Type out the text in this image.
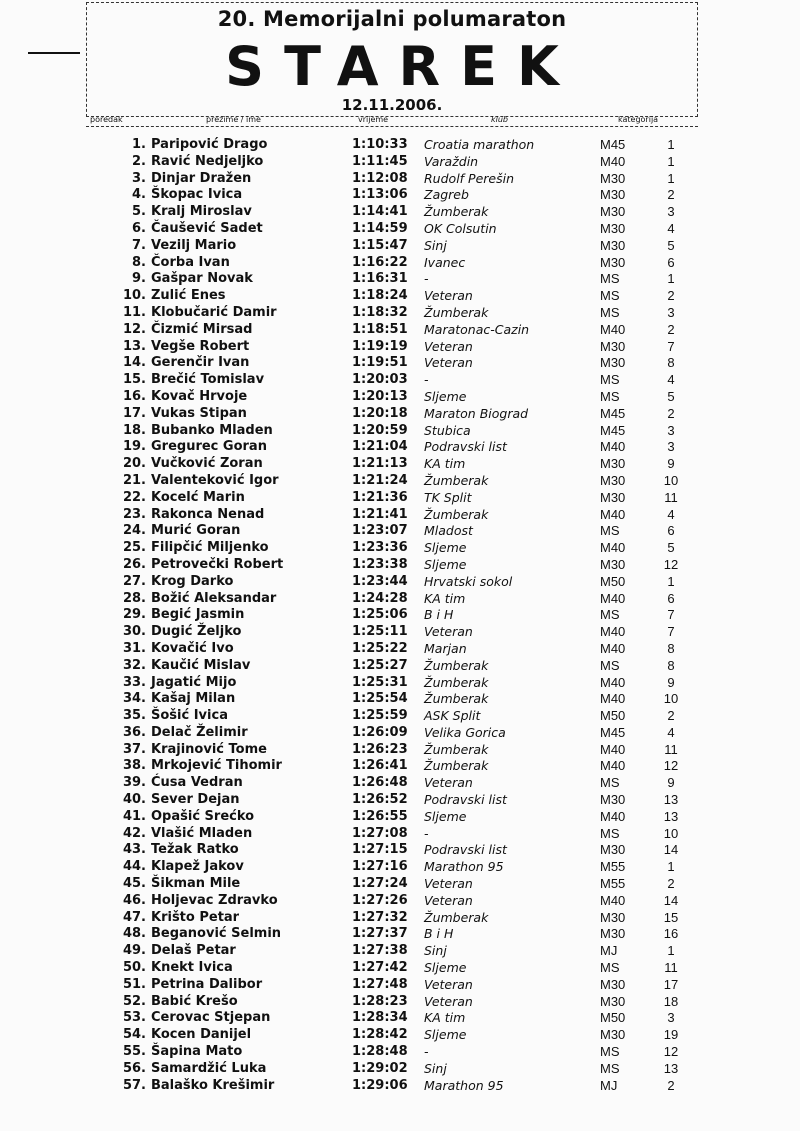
20. Memorijalni polumaraton
STAREK
12.11.2006.
poredak	prezime / ime	vrijeme	klub	kategorija
1. Paripović Drago	1:10:33 Croatia marathon	M45	1
2. Ravić Nedjeljko	1:11:45 Varaždin	M40	1
3. Dinjar Dražen	1:12:08 Rudolf Perešin	M30	1
4. Škopac Ivica	1:13:06 Zagreb	M30	2
5. Kralj Miroslav	1:14:41 Žumberak	M30	3
6. Čaušević Sadet	1:14:59 OK Colsutin	M30	4
7. Vezilj Mario	1:15:47 Sinj	M30	5
8. Čorba Ivan	1:16:22 Ivanec	M30	6
9. Gašpar Novak	1:16:31 -	MS	1
10. Zulić Enes	1:18:24 Veteran	MS	2
11. Klobučarić Damir	1:18:32 Žumberak	MS	3
12. Čizmić Mirsad	1:18:51 Maratonac-Cazin	M40	2
13. Vegše Robert	1:19:19 Veteran	M30	7
14. Gerenčir Ivan	1:19:51 Veteran	M30	8
15. Brečić Tomislav	1:20:03 -	MS	4
16. Kovač Hrvoje	1:20:13 Sljeme	MS	5
17. Vukas Stipan	1:20:18 Maraton Biograd	M45	2
18. Bubanko Mladen	1:20:59 Stubica	M45	3
19. Gregurec Goran	1:21:04 Podravski list	M40	3
20. Vučković Zoran	1:21:13 KA tim	M30	9
21. Valenteković Igor	1:21:24 Žumberak	M30	10
22. Kocelć Marin	1:21:36 TK Split	M30	11
23. Rakonca Nenad	1:21:41 Žumberak	M40	4
24. Murić Goran	1:23:07 Mladost	MS	6
25. Filipčić Miljenko	1:23:36 Sljeme	M40	5
26. Petrovečki Robert	1:23:38 Sljeme	M30	12
27. Krog Darko	1:23:44 Hrvatski sokol	M50	1
28. Božić Aleksandar	1:24:28 KA tim	M40	6
29. Begić Jasmin	1:25:06 B i H	MS	7
30. Dugić Željko	1:25:11 Veteran	M40	7
31. Kovačić Ivo	1:25:22 Marjan	M40	8
32. Kaučić Mislav	1:25:27 Žumberak	MS	8
33. Jagatić Mijo	1:25:31 Žumberak	M40	9
34. Kašaj Milan	1:25:54 Žumberak	M40	10
35. Šošić Ivica	1:25:59 ASK Split	M50	2
36. Delač Želimir	1:26:09 Velika Gorica	M45	4
37. Krajinović Tome	1:26:23 Žumberak	M40	11
38. Mrkojević Tihomir	1:26:41 Žumberak	M40	12
39. Ćusa Vedran	1:26:48 Veteran	MS	9
40. Sever Dejan	1:26:52 Podravski list	M30	13
41. Opašić Srećko	1:26:55 Sljeme	M40	13
42. Vlašić Mladen	1:27:08 -	MS	10
43. Težak Ratko	1:27:15 Podravski list	M30	14
44. Klapež Jakov	1:27:16 Marathon 95	M55	1
45. Šikman Mile	1:27:24 Veteran	M55	2
46. Holjevac Zdravko	1:27:26 Veteran	M40	14
47. Krišto Petar	1:27:32 Žumberak	M30	15
48. Beganović Selmin	1:27:37 B i H	M30	16
49. Delaš Petar	1:27:38 Sinj	MJ	1
50. Knekt Ivica	1:27:42 Sljeme	MS	11
51. Petrina Dalibor	1:27:48 Veteran	M30	17
52. Babić Krešo	1:28:23 Veteran	M30	18
53. Cerovac Stjepan	1:28:34 KA tim	M50	3
54. Kocen Danijel	1:28:42 Sljeme	M30	19
55. Šapina Mato	1:28:48 -	MS	12
56. Samardžić Luka	1:29:02 Sinj	MS	13
57. Balaško Krešimir	1:29:06 Marathon 95	MJ	2
